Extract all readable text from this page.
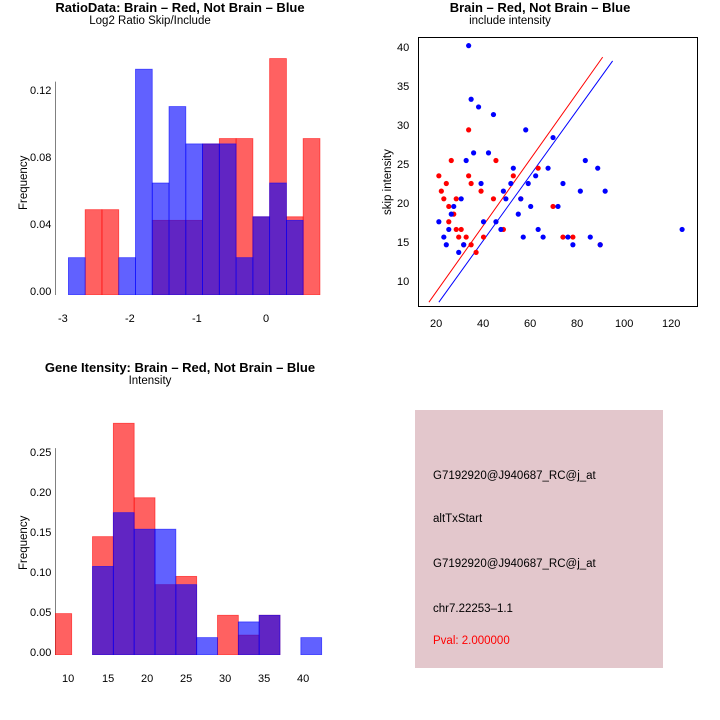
RatioData: Brain – Red, Not Brain – Blue
Frequency
Log2 Ratio Skip/Include
0.00
0.04
0.08
0.12
-3	-2	-1	0
Brain – Red, Not Brain – Blue
skip intensity
include intensity
10
15
20
25
30
35
40
20	40	60	80	100	120
Gene Itensity: Brain – Red, Not Brain – Blue
Frequency
Intensity
0.00
0.05
0.10
0.15
0.20
0.25
10	15 20 25 30 35 40
G7192920@J940687_RC@j_at
altTxStart
G7192920@J940687_RC@j_at
chr7.22253–1.1
Pval: 2.000000
